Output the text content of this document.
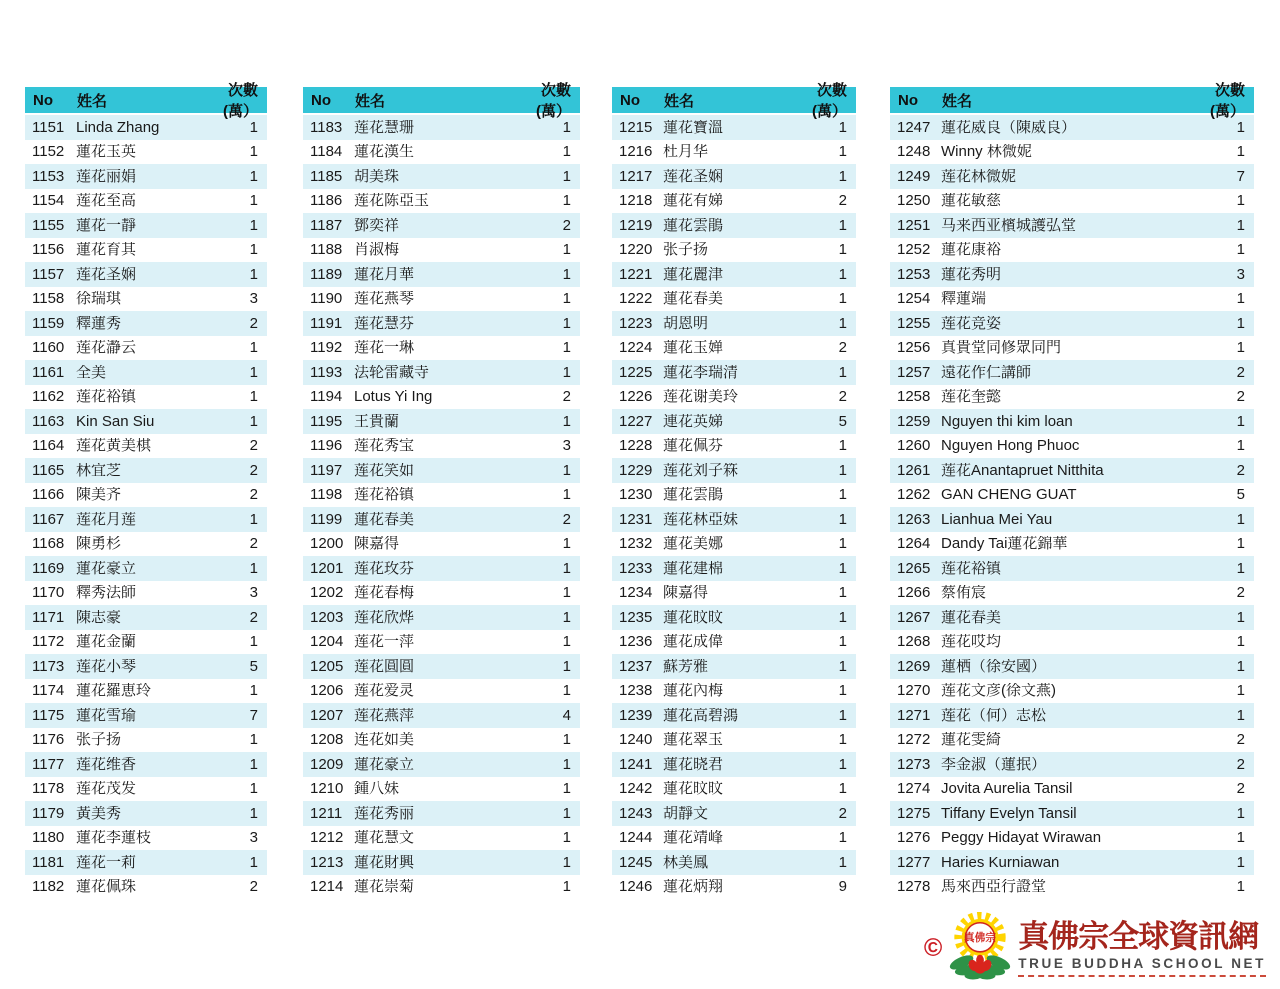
No	姓名
次數(萬）
1151 Linda Zhang	1
1152 蓮花玉英	1
1153 莲花丽娟	1
1154 莲花至高	1
1155 蓮花一靜	1
1156 蓮花育其	1
1157 莲花圣娴	1
1158 徐瑞琪	3
1159 釋蓮秀	2
1160 莲花瀞云	1
1161 全美	1
1162 莲花裕镇	1
1163 Kin San Siu	1
1164 莲花黄美棋	2
1165 林宜芝	2
1166 陳美齐	2
1167 莲花月莲	1
1168 陳勇杉	2
1169 蓮花豪立	1
1170 釋秀法師	3
1171 陳志豪	2
1172 蓮花金蘭	1
1173 莲花小琴	5
1174 蓮花羅恵玲	1
1175 蓮花雪瑜	7
1176 张子扬	1
1177 莲花维香	1
1178 莲花茂发	1
1179 黃美秀	1
1180 蓮花李蓮枝	3
1181 莲花一莉	1
1182 蓮花佩珠	2
No	姓名
次數(萬）
1183 莲花慧珊	1
1184 蓮花漢生	1
1185 胡美珠	1
1186 莲花陈亞玉	1
1187 鄧奕祥	2
1188 肖淑梅	1
1189 蓮花月華	1
1190 莲花燕琴	1
1191 莲花慧芬	1
1192 莲花一琳	1
1193 法轮雷藏寺	1
1194 Lotus Yi Ing	2
1195 王貴蘭	1
1196 莲花秀宝	3
1197 莲花笑如	1
1198 莲花裕镇	1
1199 蓮花春美	2
1200 陳嘉得	1
1201 莲花玫芬	1
1202 莲花春梅	1
1203 莲花欣烨	1
1204 莲花一萍	1
1205 莲花圓圓	1
1206 莲花爱灵	1
1207 莲花燕萍	4
1208 连花如美	1
1209 蓮花豪立	1
1210 鍾八妹	1
1211 莲花秀丽	1
1212 蓮花慧文	1
1213 蓮花財興	1
1214 蓮花崇菊	1
No	姓名
次數(萬）
1215 蓮花寶溫	1
1216 杜月华	1
1217 莲花圣娴	1
1218 蓮花有娣	2
1219 蓮花雲鵑	1
1220 张子扬	1
1221 蓮花麗津	1
1222 蓮花春美	1
1223 胡恩明	1
1224 蓮花玉婵	2
1225 蓮花李瑞清	1
1226 莲花谢美玲	2
1227 連花英娣	5
1228 蓮花佩芬	1
1229 莲花刘子箖	1
1230 蓮花雲鵑	1
1231 莲花林亞妹	1
1232 蓮花美娜	1
1233 蓮花建棉	1
1234 陳嘉得	1
1235 蓮花旼旼	1
1236 蓮花成偉	1
1237 蘇芳雅	1
1238 蓮花內梅	1
1239 蓮花高碧鴻	1
1240 蓮花翠玉	1
1241 蓮花晓君	1
1242 蓮花旼旼	1
1243 胡靜文	2
1244 蓮花靖峰	1
1245 林美鳳	1
1246 蓮花炳翔	9
No	姓名
次數(萬）
1247 蓮花威良（陳威良）	1
1248 Winny 林微妮	1
1249 莲花林微妮	7
1250 蓮花敏慈	1
1251 马来西亚檳城護弘堂	1
1252 蓮花康裕	1
1253 蓮花秀明	3
1254 釋蓮端	1
1255 莲花竞姿	1
1256 真貴堂同修眾同門	1
1257 遠花作仁講師	2
1258 莲花奎懿	2
1259 Nguyen thi kim loan	1
1260 Nguyen Hong Phuoc	1
1261 莲花Anantapruet Nitthita	2
1262 GAN CHENG GUAT	5
1263 Lianhua Mei Yau	1
1264 Dandy Tai蓮花錦華	1
1265 莲花裕镇	1
1266 蔡侑宸	2
1267 蓮花春美	1
1268 莲花哎均	1
1269 蓮栖（徐安國）	1
1270 莲花文彦(徐文燕)	1
1271 莲花（何）志松	1
1272 蓮花雯綺	2
1273 李金淑（蓮抿）	2
1274 Jovita Aurelia Tansil	2
1275 Tiffany Evelyn Tansil	1
1276 Peggy Hidayat Wirawan	1
1277 Haries Kurniawan	1
1278 馬來西亞行證堂	1
© 真佛宗 真佛宗全球資訊網
TRUE BUDDHA SCHOOL NET
